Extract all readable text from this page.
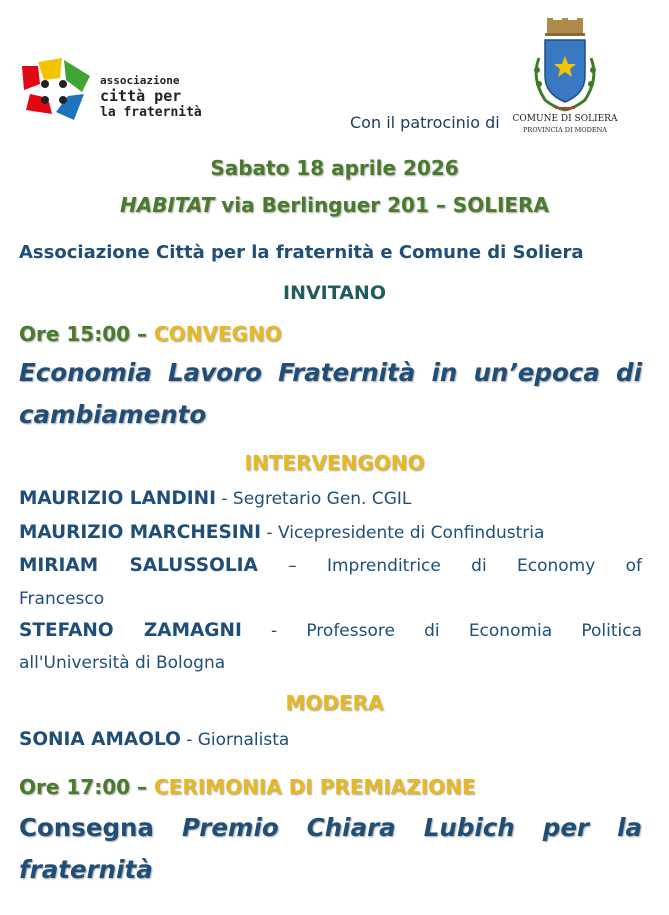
associazione
città per
la fraternità
Con il patrocinio di	COMUNE DI SOLIERA
PROVINCIA DI MODENA
Sabato 18 aprile 2026
HABITAT via Berlinguer 201 – SOLIERA
Associazione Città per la fraternità e Comune di Soliera
INVITANO
Ore 15:00 – CONVEGNO
Economia Lavoro Fraternità in un’epoca di
cambiamento
INTERVENGONO
MAURIZIO LANDINI - Segretario Gen. CGIL
MAURIZIO MARCHESINI - Vicepresidente di Confindustria
MIRIAM SALUSSOLIA – Imprenditrice di Economy of
Francesco
STEFANO ZAMAGNI - Professore di Economia Politica
all'Università di Bologna
MODERA
SONIA AMAOLO - Giornalista
Ore 17:00 – CERIMONIA DI PREMIAZIONE
Consegna Premio Chiara Lubich per la
fraternità
